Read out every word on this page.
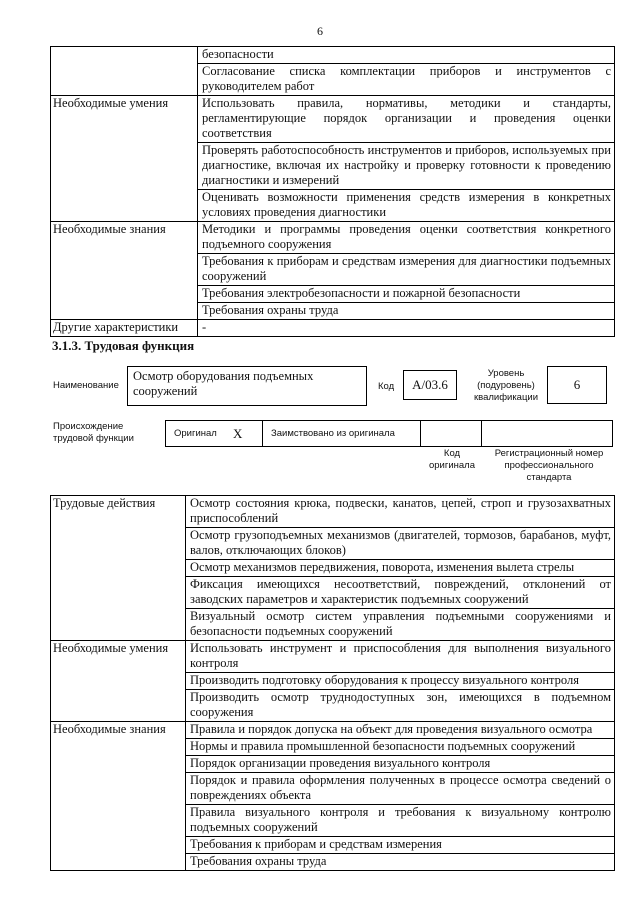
6
	безопасности
	Согласование списка комплектации приборов и инструментов с руководителем работ
Необходимые умения	Использовать правила, нормативы, методики и стандарты, регламентирующие порядок организации и проведения оценки соответствия
	Проверять работоспособность инструментов и приборов, используемых при диагностике, включая их настройку и проверку готовности к проведению диагностики и измерений
	Оценивать возможности применения средств измерения в конкретных условиях проведения диагностики
Необходимые знания	Методики и программы проведения оценки соответствия конкретного подъемного сооружения
	Требования к приборам и средствам измерения для диагностики подъемных сооружений
	Требования электробезопасности и пожарной безопасности
	Требования охраны труда
Другие характеристики	-
3.1.3. Трудовая функция
Наименование
Осмотр оборудования подъемных сооружений	Код	А/03.6
Уровень (подуровень) квалификации
6
Происхождение трудовой функции	Оригинал X	Заимствовано из оригинала
Код оригинала
Регистрационный номер профессионального стандарта
Трудовые действия	Осмотр состояния крюка, подвески, канатов, цепей, строп и грузозахватных приспособлений
	Осмотр грузоподъемных механизмов (двигателей, тормозов, барабанов, муфт, валов, отключающих блоков)
	Осмотр механизмов передвижения, поворота, изменения вылета стрелы
	Фиксация имеющихся несоответствий, повреждений, отклонений от заводских параметров и характеристик подъемных сооружений
	Визуальный осмотр систем управления подъемными сооружениями и безопасности подъемных сооружений
Необходимые умения	Использовать инструмент и приспособления для выполнения визуального контроля
	Производить подготовку оборудования к процессу визуального контроля
	Производить осмотр труднодоступных зон, имеющихся в подъемном сооружения
Необходимые знания	Правила и порядок допуска на объект для проведения визуального осмотра
	Нормы и правила промышленной безопасности подъемных сооружений
	Порядок организации проведения визуального контроля
	Порядок и правила оформления полученных в процессе осмотра сведений о повреждениях объекта
	Правила визуального контроля и требования к визуальному контролю подъемных сооружений
	Требования к приборам и средствам измерения
	Требования охраны труда
